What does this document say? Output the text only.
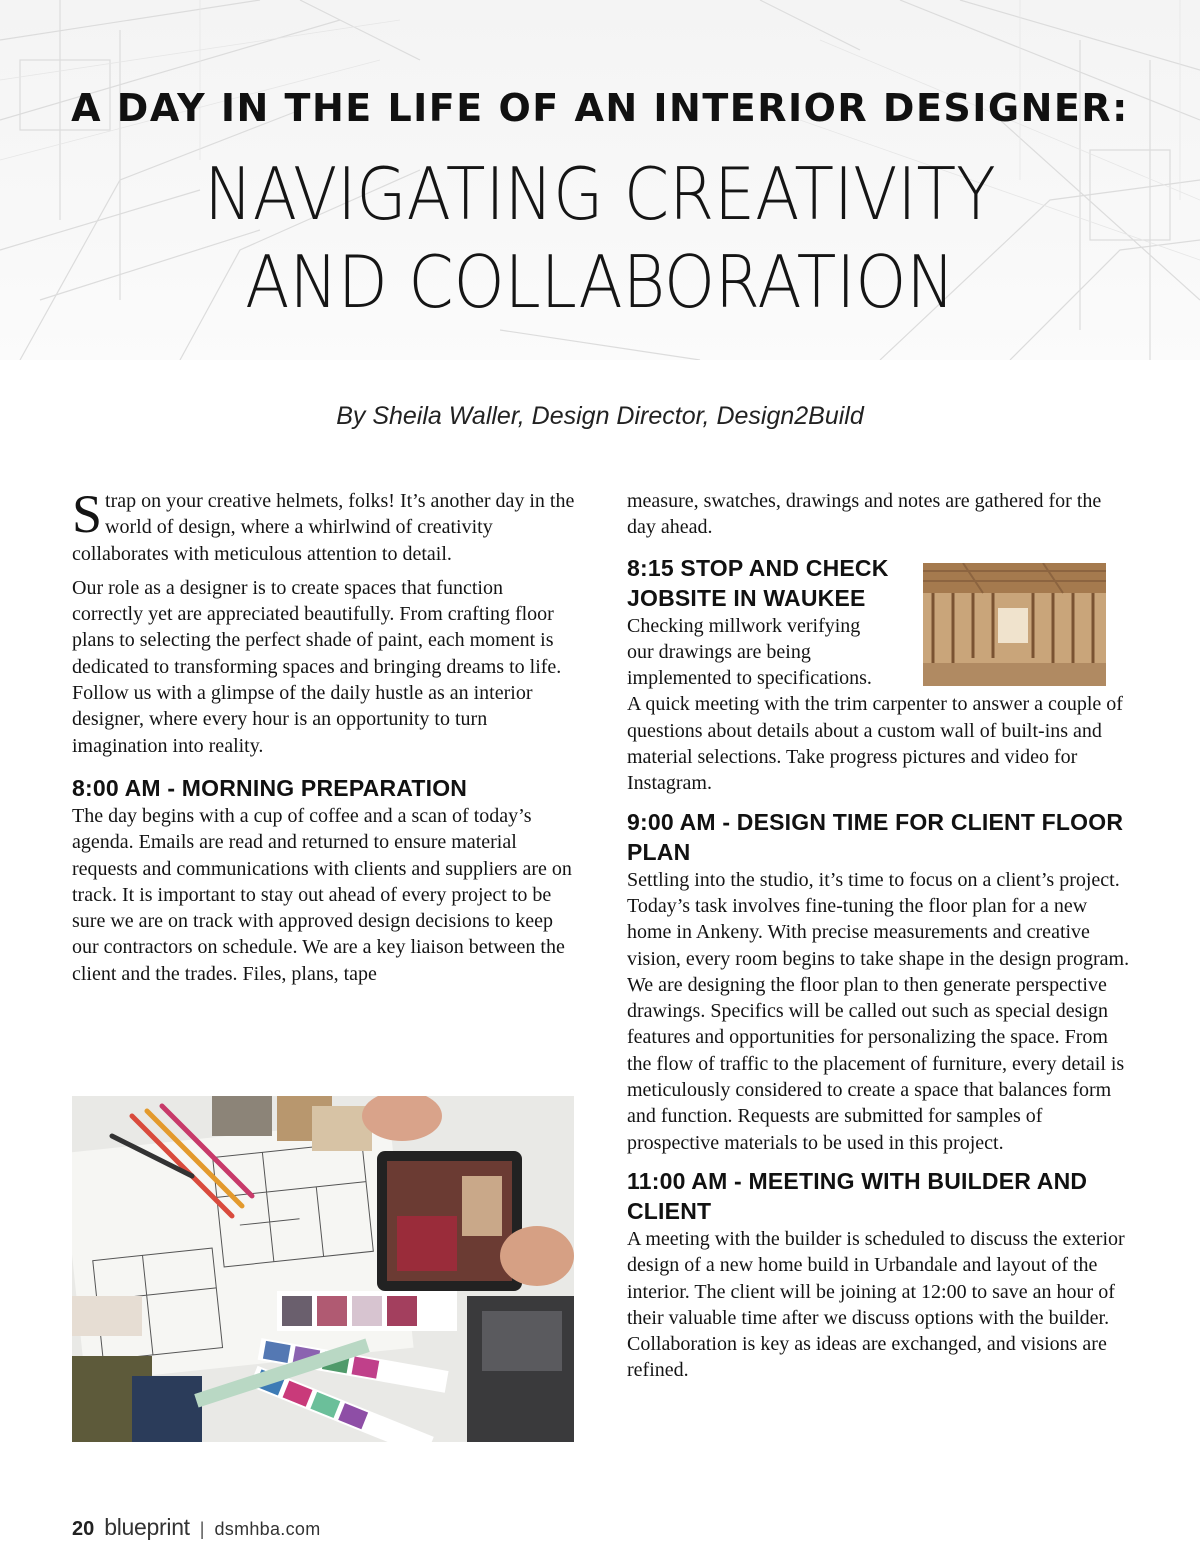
A DAY IN THE LIFE OF AN INTERIOR DESIGNER:
NAVIGATING CREATIVITY
AND COLLABORATION
By Sheila Waller, Design Director, Design2Build

Strap on your creative helmets, folks! It’s another day in the world of design, where a whirlwind of creativity collaborates with meticulous attention to detail.

Our role as a designer is to create spaces that function correctly yet are appreciated beautifully. From crafting floor plans to selecting the perfect shade of paint, each moment is dedicated to transforming spaces and bringing dreams to life. Follow us with a glimpse of the daily hustle as an interior designer, where every hour is an opportunity to turn imagination into reality.

8:00 AM - MORNING PREPARATION

The day begins with a cup of coffee and a scan of today’s agenda. Emails are read and returned to ensure material requests and communications with clients and suppliers are on track. It is important to stay out ahead of every project to be sure we are on track with approved design decisions to keep our contractors on schedule. We are a key liaison between the client and the trades. Files, plans, tape

measure, swatches, drawings and notes are gathered for the day ahead.

8:15 STOP AND CHECK JOBSITE IN WAUKEE

Checking millwork verifying our drawings are being implemented to specifications. A quick meeting with the trim carpenter to answer a couple of questions about details about a custom wall of built-ins and material selections. Take progress pictures and video for Instagram.

9:00 AM - DESIGN TIME FOR CLIENT FLOOR PLAN

Settling into the studio, it’s time to focus on a client’s project. Today’s task involves fine-tuning the floor plan for a new home in Ankeny. With precise measurements and creative vision, every room begins to take shape in the design program. We are designing the floor plan to then generate perspective drawings. Specifics will be called out such as special design features and opportunities for personalizing the space. From the flow of traffic to the placement of furniture, every detail is meticulously considered to create a space that balances form and function. Requests are submitted for samples of prospective materials to be used in this project.

11:00 AM - MEETING WITH BUILDER AND CLIENT

A meeting with the builder is scheduled to discuss the exterior design of a new home build in Urbandale and layout of the interior. The client will be joining at 12:00 to save an hour of their valuable time after we discuss options with the builder. Collaboration is key as ideas are exchanged, and visions are refined.

20 blueprint | dsmhba.com
